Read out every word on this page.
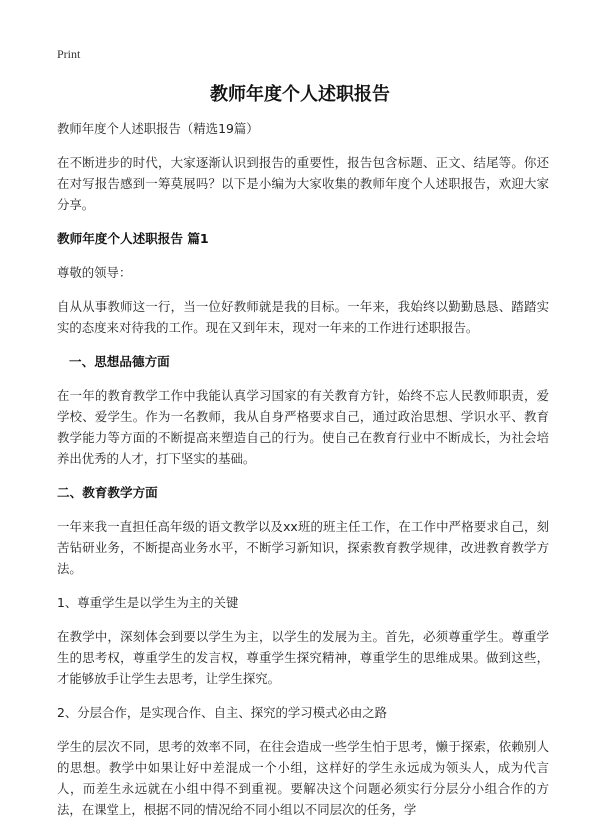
Print
教师年度个人述职报告

教师年度个人述职报告（精选19篇）

在不断进步的时代，大家逐渐认识到报告的重要性，报告包含标题、正文、结尾等。你还在对写报告感到一筹莫展吗？以下是小编为大家收集的教师年度个人述职报告，欢迎大家分享。

教师年度个人述职报告 篇1

尊敬的领导：

自从从事教师这一行，当一位好教师就是我的目标。一年来，我始终以勤勤恳恳、踏踏实实的态度来对待我的工作。现在又到年末，现对一年来的工作进行述职报告。

一、思想品德方面

在一年的教育教学工作中我能认真学习国家的有关教育方针，始终不忘人民教师职责，爱学校、爱学生。作为一名教师，我从自身严格要求自己，通过政治思想、学识水平、教育教学能力等方面的不断提高来塑造自己的行为。使自己在教育行业中不断成长，为社会培养出优秀的人才，打下坚实的基础。

二、教育教学方面

一年来我一直担任高年级的语文教学以及xx班的班主任工作，在工作中严格要求自己，刻苦钻研业务，不断提高业务水平，不断学习新知识，探索教育教学规律，改进教育教学方法。

1、尊重学生是以学生为主的关键

在教学中，深刻体会到要以学生为主，以学生的发展为主。首先，必须尊重学生。尊重学生的思考权，尊重学生的发言权，尊重学生探究精神，尊重学生的思维成果。做到这些，才能够放手让学生去思考，让学生探究。

2、分层合作，是实现合作、自主、探究的学习模式必由之路

学生的层次不同，思考的效率不同，在往会造成一些学生怕于思考，懒于探索，依赖别人的思想。教学中如果让好中差混成一个小组，这样好的学生永远成为领头人，成为代言人，而差生永远就在小组中得不到重视。要解决这个问题必须实行分层分小组合作的方法，在课堂上，根据不同的情况给不同小组以不同层次的任务，学
